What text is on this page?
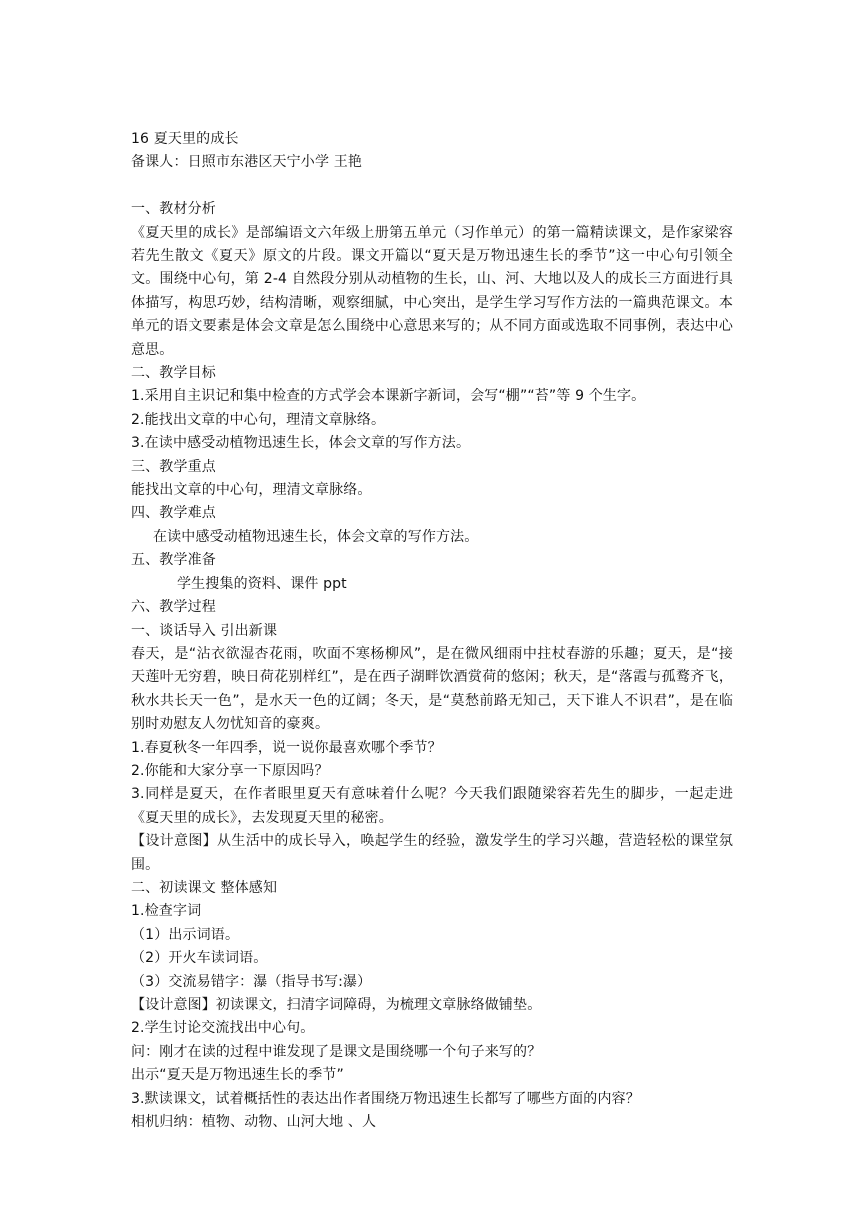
16 夏天里的成长
备课人：日照市东港区天宁小学 王艳
一、教材分析
《夏天里的成长》是部编语文六年级上册第五单元（习作单元）的第一篇精读课文，是作家梁容若先生散文《夏天》原文的片段。课文开篇以“夏天是万物迅速生长的季节”这一中心句引领全文。围绕中心句，第 2-4 自然段分别从动植物的生长，山、河、大地以及人的成长三方面进行具体描写，构思巧妙，结构清晰，观察细腻，中心突出，是学生学习写作方法的一篇典范课文。本单元的语文要素是体会文章是怎么围绕中心意思来写的；从不同方面或选取不同事例，表达中心意思。
二、教学目标
1.采用自主识记和集中检查的方式学会本课新字新词，会写“棚”“苔”等 9 个生字。
2.能找出文章的中心句，理清文章脉络。
3.在读中感受动植物迅速生长，体会文章的写作方法。
三、教学重点
能找出文章的中心句，理清文章脉络。
四、教学难点
在读中感受动植物迅速生长，体会文章的写作方法。
五、教学准备
学生搜集的资料、课件 ppt
六、教学过程
一、谈话导入 引出新课
春天，是“沾衣欲湿杏花雨，吹面不寒杨柳风”，是在微风细雨中拄杖春游的乐趣；夏天，是“接天莲叶无穷碧，映日荷花别样红”，是在西子湖畔饮酒赏荷的悠闲；秋天，是“落霞与孤鹜齐飞，秋水共长天一色”，是水天一色的辽阔；冬天，是“莫愁前路无知己，天下谁人不识君”，是在临别时劝慰友人勿忧知音的豪爽。
1.春夏秋冬一年四季，说一说你最喜欢哪个季节？
2.你能和大家分享一下原因吗？
3.同样是夏天，在作者眼里夏天有意味着什么呢？今天我们跟随梁容若先生的脚步，一起走进《夏天里的成长》，去发现夏天里的秘密。
【设计意图】从生活中的成长导入，唤起学生的经验，激发学生的学习兴趣，营造轻松的课堂氛围。
二、初读课文 整体感知
1.检查字词
（1）出示词语。
（2）开火车读词语。
（3）交流易错字：瀑（指导书写:瀑）
【设计意图】初读课文，扫清字词障碍，为梳理文章脉络做铺垫。
2.学生讨论交流找出中心句。
问：刚才在读的过程中谁发现了是课文是围绕哪一个句子来写的？
出示“夏天是万物迅速生长的季节”
3.默读课文，试着概括性的表达出作者围绕万物迅速生长都写了哪些方面的内容？
相机归纳：植物、动物、山河大地 、人
